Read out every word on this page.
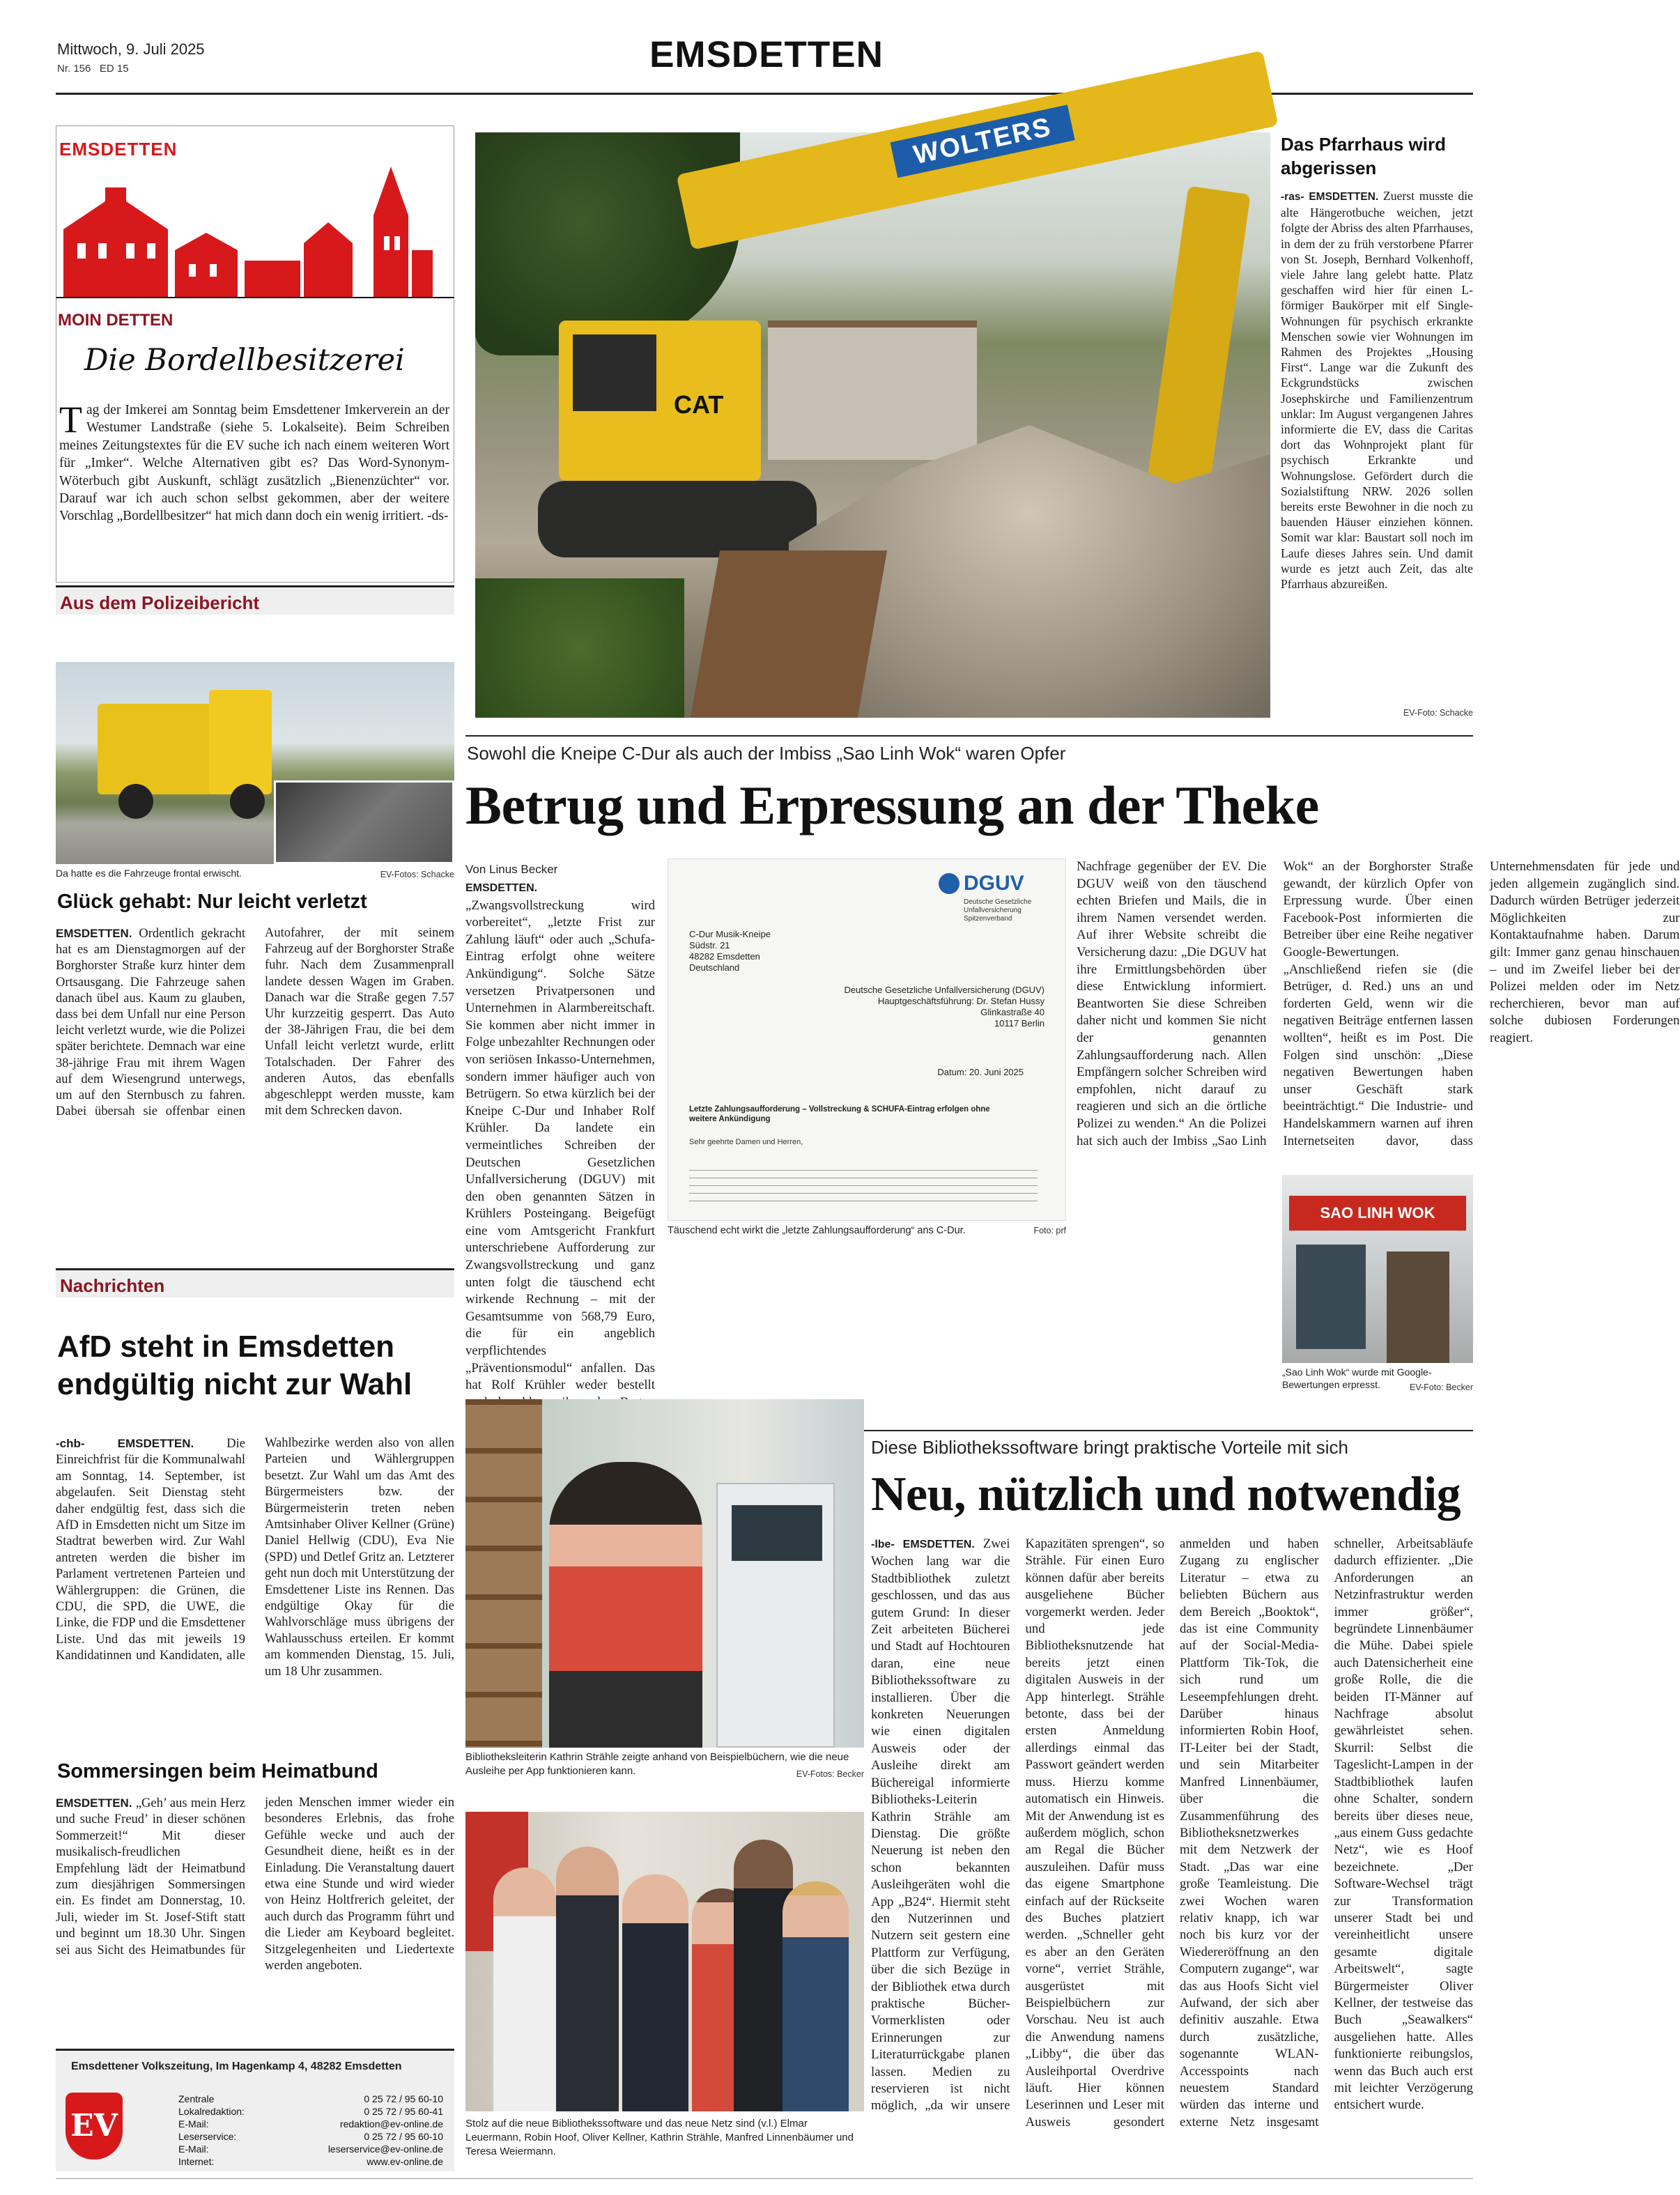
Mittwoch, 9. Juli 2025
Nr. 156 ED 15	EMSDETTEN
EMSDETTEN
MOIN DETTEN
Die Bordellbesitzerei
T ag der Imkerei am Sonntag beim Emsdettener Imkerverein an der Westumer Landstraße (siehe 5. Lokalseite). Beim Schreiben meines Zeitungstextes für die EV suche ich nach einem weiteren Wort für „Imker“. Welche Alternativen gibt es? Das Word-Synonym-Wöterbuch gibt Auskunft, schlägt zusätzlich „Bienenzüchter“ vor. Darauf war ich auch schon selbst gekommen, aber der weitere Vorschlag „Bordellbesitzer“ hat mich dann doch ein wenig irritiert. -ds-
Aus dem Polizeibericht
Da hatte es die Fahrzeuge frontal erwischt.	EV-Fotos: Schacke
Glück gehabt: Nur leicht verletzt
EMSDETTEN. Ordentlich gekracht hat es am Dienstagmorgen auf der Borghorster Straße kurz hinter dem Ortsausgang. Die Fahrzeuge sahen danach übel aus. Kaum zu glauben, dass bei dem Unfall nur eine Person leicht verletzt wurde, wie die Polizei später berichtete. Demnach war eine 38-jährige Frau mit ihrem Wagen auf dem Wiesengrund unterwegs, um auf den Sternbusch zu fahren. Dabei übersah sie offenbar einen Autofahrer, der mit seinem Fahrzeug auf der Borghorster Straße fuhr. Nach dem Zusammenprall landete dessen Wagen im Graben. Danach war die Straße gegen 7.57 Uhr kurzzeitig gesperrt. Das Auto der 38-Jährigen Frau, die bei dem Unfall leicht verletzt wurde, erlitt Totalschaden. Der Fahrer des anderen Autos, das ebenfalls abgeschleppt werden musste, kam mit dem Schrecken davon.
Nachrichten
AfD steht in Emsdetten endgültig nicht zur Wahl
-chb- EMSDETTEN.	Die Einreichfrist für die Kommunalwahl am Sonntag, 14. September, ist abgelaufen. Seit Dienstag steht daher endgültig fest, dass sich die AfD in Emsdetten nicht um Sitze im Stadtrat bewerben wird. Zur Wahl antreten werden die bisher im Parlament vertretenen Parteien und Wählergruppen: die Grünen, die CDU, die SPD, die UWE, die Linke, die FDP und die Emsdettener Liste. Und das mit jeweils 19 Kandidatinnen und Kandidaten, alle Wahlbezirke werden also von allen Parteien und Wählergruppen besetzt. Zur Wahl um das Amt des Bürgermeisters bzw. der Bürgermeisterin treten neben Amtsinhaber Oliver Kellner (Grüne) Daniel Hellwig (CDU), Eva Nie (SPD) und Detlef Gritz an. Letzterer geht nun doch mit Unterstützung der Emsdettener Liste ins Rennen. Das endgültige Okay für die Wahlvorschläge muss übrigens der Wahlausschuss erteilen. Er kommt am kommenden Dienstag, 15. Juli, um 18 Uhr zusammen.
Sommersingen beim Heimatbund
EMSDETTEN. „Geh’ aus mein Herz und suche Freud’ in dieser schönen Sommerzeit!“ Mit dieser musikalisch-freudlichen Empfehlung lädt der Heimatbund zum diesjährigen Sommersingen ein. Es findet am Donnerstag, 10. Juli, wieder im St. Josef-Stift statt und beginnt um 18.30 Uhr. Singen sei aus Sicht des Heimatbundes für jeden Menschen immer wieder ein besonderes Erlebnis, das frohe Gefühle wecke und auch der Gesundheit diene, heißt es in der Einladung. Die Veranstaltung dauert etwa eine Stunde und wird wieder von Heinz Holtfrerich geleitet, der auch durch das Programm führt und die Lieder am Keyboard begleitet. Sitzgelegenheiten und Liedertexte werden angeboten.
Emsdettener Volkszeitung, Im Hagenkamp 4, 48282 Emsdetten
EV
Zentrale	0 25 72 / 95 60-10
Lokalredaktion:	0 25 72 / 95 60-41
E-Mail:	redaktion@ev-online.de
Leserservice:	0 25 72 / 95 60-10
E-Mail:	leserservice@ev-online.de
Internet:	www.ev-online.de
WOLTERS
CAT
Das Pfarrhaus wird abgerissen
-ras- EMSDETTEN. Zuerst musste die alte Hängerotbuche weichen, jetzt folgte der Abriss des alten Pfarrhauses, in dem der zu früh verstorbene Pfarrer von St. Joseph, Bernhard Volkenhoff, viele Jahre lang gelebt hatte. Platz geschaffen wird hier für einen L-förmiger Baukörper mit elf Single-Wohnungen für psychisch erkrankte Menschen sowie vier Wohnungen im Rahmen des Projektes „Housing First“. Lange war die Zukunft des Eckgrundstücks zwischen Josephskirche und Familienzentrum unklar: Im August vergangenen Jahres informierte die EV, dass die Caritas dort das Wohnprojekt plant für psychisch Erkrankte und Wohnungslose. Gefördert durch die Sozialstiftung NRW. 2026 sollen bereits erste Bewohner in die noch zu bauenden Häuser einziehen können. Somit war klar: Baustart soll noch im Laufe dieses Jahres sein. Und damit wurde es jetzt auch Zeit, das alte Pfarrhaus abzureißen.
EV-Foto: Schacke
Sowohl die Kneipe C-Dur als auch der Imbiss „Sao Linh Wok“ waren Opfer
Betrug und Erpressung an der Theke
Von Linus Becker
DGUV
Deutsche Gesetzliche Unfallversicherung Spitzenverband
C-Dur Musik-Kneipe
Südstr. 21
48282 Emsdetten
Deutschland
Deutsche Gesetzliche Unfallversicherung (DGUV)
Hauptgeschäftsführung: Dr. Stefan Hussy
Glinkastraße 40
10117 Berlin
Datum: 20. Juni 2025
Letzte Zahlungsaufforderung – Vollstreckung & SCHUFA-Eintrag erfolgen ohne weitere Ankündigung
Sehr geehrte Damen und Herren,
Täuschend echt wirkt die „letzte Zahlungsaufforderung“ ans C-Dur.	Foto: prf
EMSDETTEN. „Zwangsvollstreckung wird vorbereitet“, „letzte Frist zur Zahlung läuft“ oder auch „Schufa-Eintrag erfolgt ohne weitere Ankündigung“. Solche Sätze versetzen Privatpersonen und Unternehmen in Alarmbereitschaft. Sie kommen aber nicht immer in Folge unbezahlter Rechnungen oder von seriösen Inkasso-Unternehmen, sondern immer häufiger auch von Betrügern. So etwa kürzlich bei der Kneipe C-Dur und Inhaber Rolf Krühler. Da landete ein vermeintliches Schreiben der Deutschen Gesetzlichen Unfallversicherung (DGUV) mit den oben genannten Sätzen in Krühlers Posteingang. Beigefügt eine vom Amtsgericht Frankfurt unterschriebene Aufforderung zur Zwangsvollstreckung und ganz unten folgt die täuschend echt wirkende Rechnung – mit der Gesamtsumme von 568,79 Euro, die für ein angeblich verpflichtendes „Präventionsmodul“ anfallen. Das hat Rolf Krühler weder bestellt
Nachfrage gegenüber der EV. Die DGUV weiß von den täuschend echten Briefen und Mails, die in ihrem Namen versendet werden. Auf ihrer Website schreibt die Versicherung dazu: „Die DGUV hat ihre Ermittlungsbehörden über diese Entwicklung informiert. Beantworten Sie diese Schreiben daher nicht und kommen Sie nicht der genannten Zahlungsaufforderung nach. Allen Empfängern solcher Schreiben wird empfohlen, nicht darauf zu reagieren und sich an die örtliche Polizei zu wenden.“ An die Polizei hat sich auch der Imbiss „Sao Linh Wok“ an der Borghorster Straße gewandt, der kürzlich Opfer von Erpressung wurde. Über einen Facebook-Post informierten die Betreiber über eine Reihe negativer Google-Bewertungen. „Anschließend riefen sie (die Betrüger, d. Red.) uns an und forderten Geld, wenn wir die negativen Beiträge entfernen lassen wollten“, heißt es im Post. Die Folgen sind unschön: „Diese negativen Bewertungen haben unser Geschäft stark beeinträchtigt.“ Die Industrie- und Handelskammern warnen auf ihren Internetseiten davor, dass Unternehmensdaten für jede und jeden allgemein zugänglich sind. Dadurch würden Betrüger jederzeit Möglichkeiten zur Kontaktaufnahme haben. Darum gilt: Immer ganz genau hinschauen – und im Zweifel lieber bei der Polizei melden oder im Netz recherchieren, bevor man auf solche dubiosen Forderungen reagiert.
SAO LINH WOK
„Sao Linh Wok“ wurde mit Google-Bewertungen erpresst.	EV-Foto: Becker
Diese Bibliothekssoftware bringt praktische Vorteile mit sich
Neu, nützlich und notwendig
Bibliotheksleiterin Kathrin Strähle zeigte anhand von Beispielbüchern, wie die neue Ausleihe per App funktionieren kann.	EV-Fotos: Becker
Stolz auf die neue Bibliothekssoftware und das neue Netz sind (v.l.) Elmar Leuermann, Robin Hoof, Oliver Kellner, Kathrin Strähle, Manfred Linnenbäumer und Teresa Weiermann.
-lbe- EMSDETTEN. Zwei Wochen lang war die Stadtbibliothek zuletzt geschlossen, und das aus gutem Grund: In dieser Zeit arbeiteten Bücherei und Stadt auf Hochtouren daran, eine neue Bibliothekssoftware zu installieren. Über die konkreten Neuerungen wie einen digitalen Ausweis oder der Ausleihe direkt am Büchereigal informierte Bibliotheks-Leiterin Kathrin Strähle am Dienstag. Die größte Neuerung ist neben den schon bekannten Ausleihgeräten wohl die App „B24“. Hiermit steht den Nutzerinnen und Nutzern seit gestern eine Plattform zur Verfügung, über die sich Bezüge in der Bibliothek etwa durch praktische Bücher-Vormerklisten oder Erinnerungen zur Literaturrückgabe planen lassen. Medien zu reservieren ist nicht möglich, „da wir unsere Kapazitäten sprengen“, so Strähle. Für einen Euro können dafür aber bereits ausgeliehene Bücher vorgemerkt werden. Jeder und jede Bibliotheksnutzende hat bereits jetzt einen digitalen Ausweis in der App hinterlegt. Strähle betonte, dass bei der ersten Anmeldung allerdings einmal das Passwort geändert werden muss. Hierzu komme automatisch ein Hinweis. Mit der Anwendung ist es außerdem möglich, schon am Regal die Bücher auszuleihen. Dafür muss das eigene Smartphone einfach auf der Rückseite des Buches platziert werden. „Schneller geht es aber an den Geräten vorne“, verriet Strähle, ausgerüstet mit Beispielbüchern zur Vorschau. Neu ist auch die Anwendung namens „Libby“, die über das Ausleihportal Overdrive läuft. Hier können Leserinnen und Leser mit Ausweis gesondert anmelden und haben Zugang zu englischer Literatur – etwa zu beliebten Büchern aus dem Bereich „Booktok“, das ist eine Community auf der Social-Media-Plattform Tik-Tok, die sich rund um Leseempfehlungen dreht. Darüber hinaus informierten Robin Hoof, IT-Leiter bei der Stadt, und sein Mitarbeiter Manfred Linnenbäumer, über die Zusammenführung des Bibliotheksnetzwerkes mit dem Netzwerk der Stadt. „Das war eine große Teamleistung. Die zwei Wochen waren relativ knapp, ich war noch bis kurz vor der Wiedereröffnung an den Computern zugange“, war das aus Hoofs Sicht viel Aufwand, der sich aber definitiv auszahle. Etwa durch zusätzliche, sogenannte WLAN-Accesspoints nach neuestem Standard würden das interne und externe Netz insgesamt schneller, Arbeitsabläufe dadurch effizienter. „Die Anforderungen an Netzinfrastruktur werden immer größer“, begründete Linnenbäumer die Mühe. Dabei spiele auch Datensicherheit eine große Rolle, die die beiden IT-Männer auf Nachfrage absolut gewährleistet sehen. Skurril: Selbst die Tageslicht-Lampen in der Stadtbibliothek laufen ohne Schalter, sondern bereits über dieses neue, „aus einem Guss gedachte Netz“, wie es Hoof bezeichnete. „Der Software-Wechsel trägt zur Transformation unserer Stadt bei und vereinheitlicht unsere gesamte digitale Arbeitswelt“, sagte Bürgermeister Oliver Kellner, der testweise das Buch „Seawalkers“ ausgeliehen hatte. Alles funktionierte reibungslos, wenn das Buch auch erst mit leichter Verzögerung entsichert wurde.
